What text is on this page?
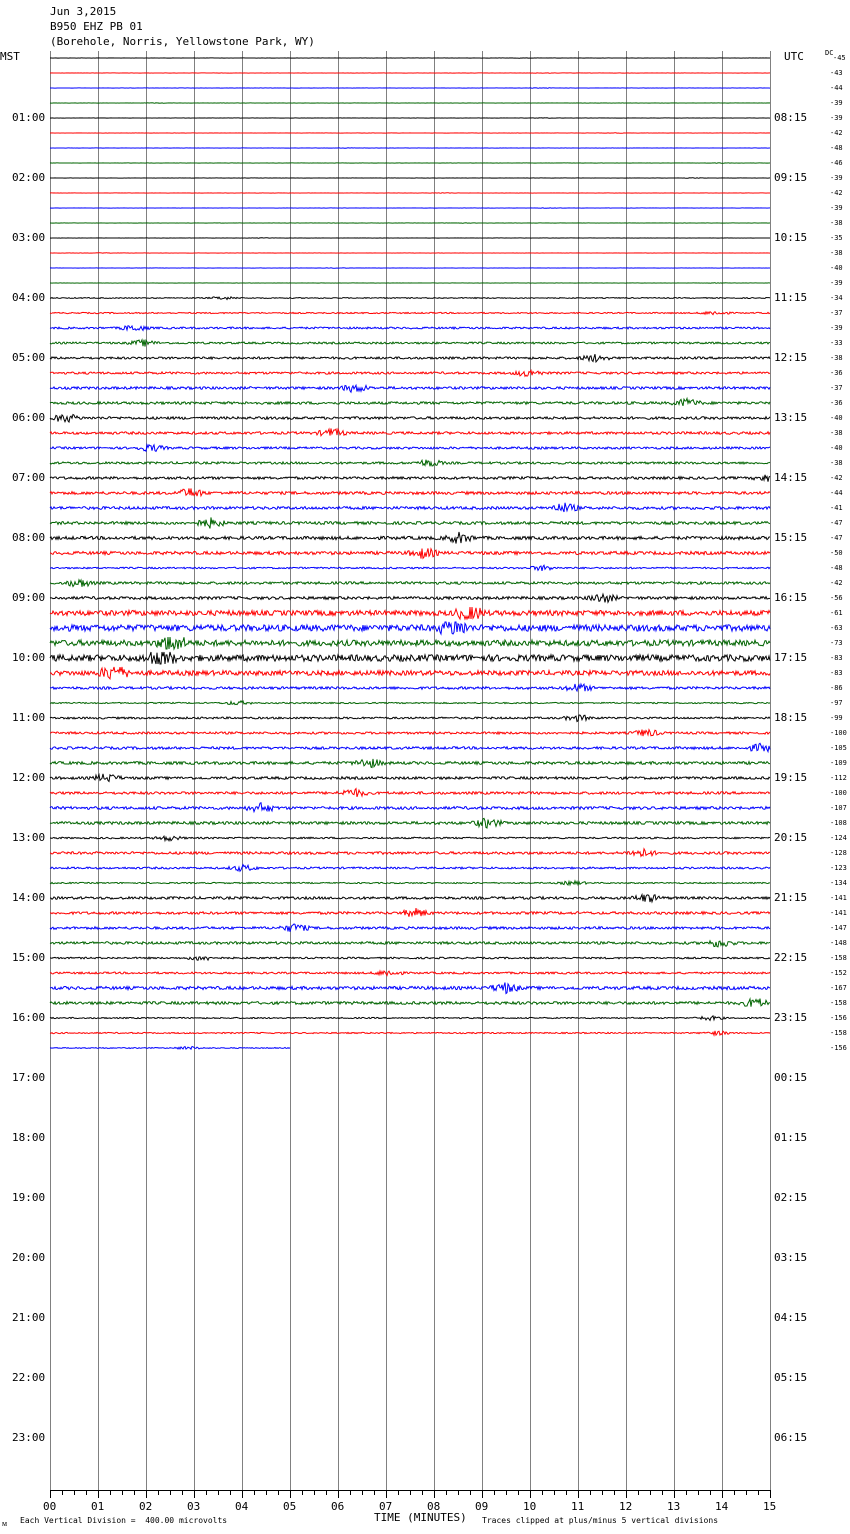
Jun 3,2015
B950 EHZ PB 01
(Borehole, Norris, Yellowstone Park, WY)
MST	UTC	DC
01:00
02:00
03:00
04:00
05:00
06:00
07:00
08:00
09:00
10:00
11:00
12:00
13:00
14:00
15:00
16:00
17:00
18:00
19:00
20:00
21:00
22:00
23:00
08:15
09:15
10:15
11:15
12:15
13:15
14:15
15:15
16:15
17:15
18:15
19:15
20:15
21:15
22:15
23:15
00:15
01:15
02:15
03:15
04:15
05:15
06:15
-45
-43
-44
-39
-39
-42
-48
-46
-39
-42
-39
-38
-35
-38
-40
-39
-34
-37
-39
-33
-38
-36
-37
-36
-40
-38
-40
-38
-42
-44
-41
-47
-47
-50
-48
-42
-56
-61
-63
-73
-83
-83
-86
-97
-99
-100
-105
-109
-112
-100
-107
-108
-124
-128
-123
-134
-141
-141
-147
-148
-158
-152
-167
-158
-156
-158
-156
00	01	02	03	04	05	06	07	08	09	10	11	12	13	14	15
TIME (MINUTES)
Each Vertical Division =  400.00 microvolts	Traces clipped at plus/minus 5 vertical divisions
ᴍ
